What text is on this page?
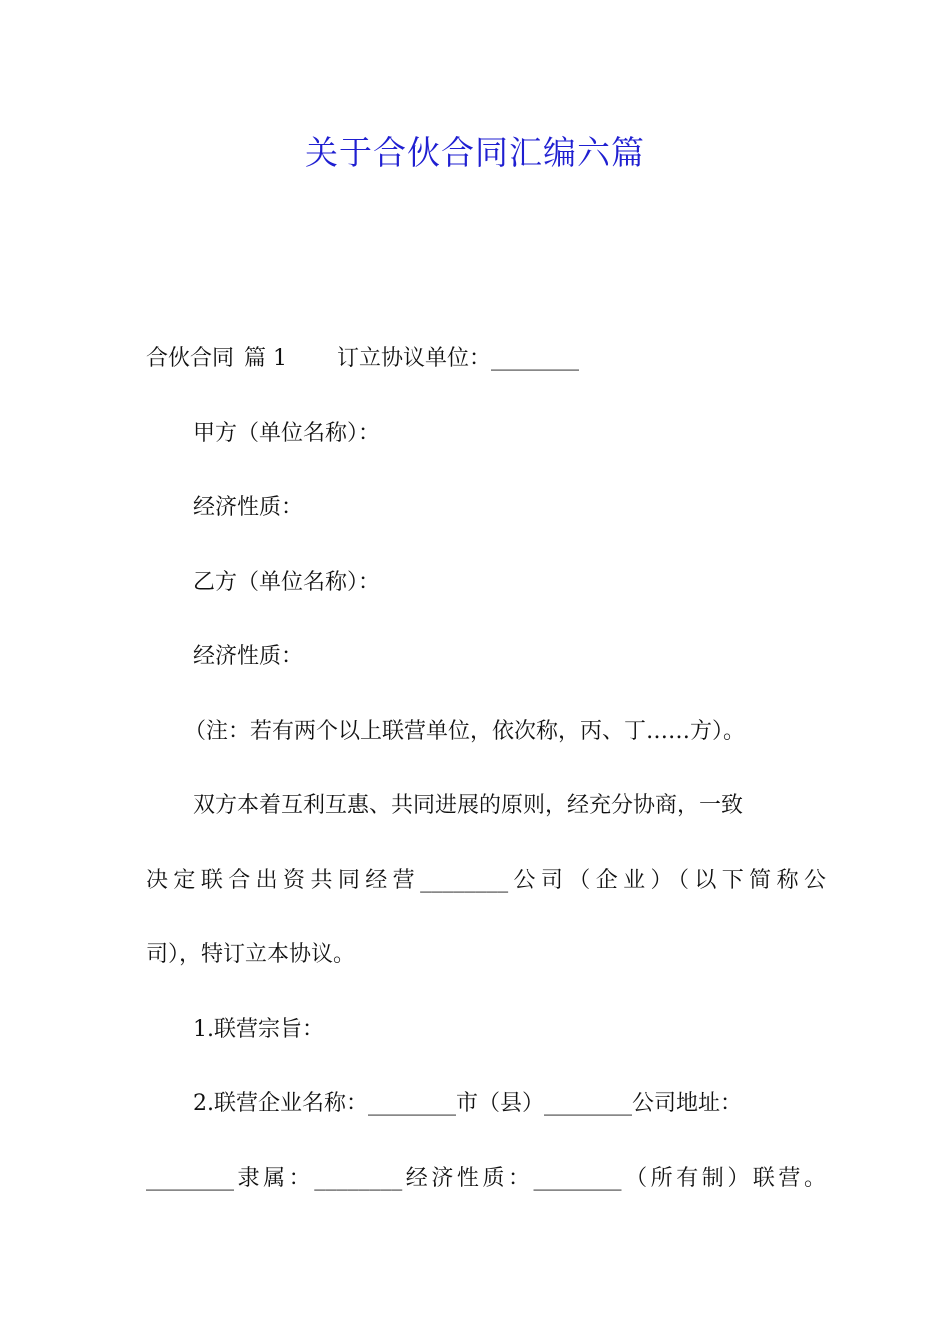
关于合伙合同汇编六篇
合伙合同 篇 1 订立协议单位：________
甲方（单位名称）：
经济性质：
乙方（单位名称）：
经济性质：
（注：若有两个以上联营单位，依次称，丙、丁……方）。
双方本着互利互惠、共同进展的原则，经充分协商，一致
决定联合出资共同经营________公司（企业）（以下简称公
司），特订立本协议。
1.联营宗旨：
2.联营企业名称：________市（县）________公司地址：
________隶属：________经济性质：________（所有制）联营。
